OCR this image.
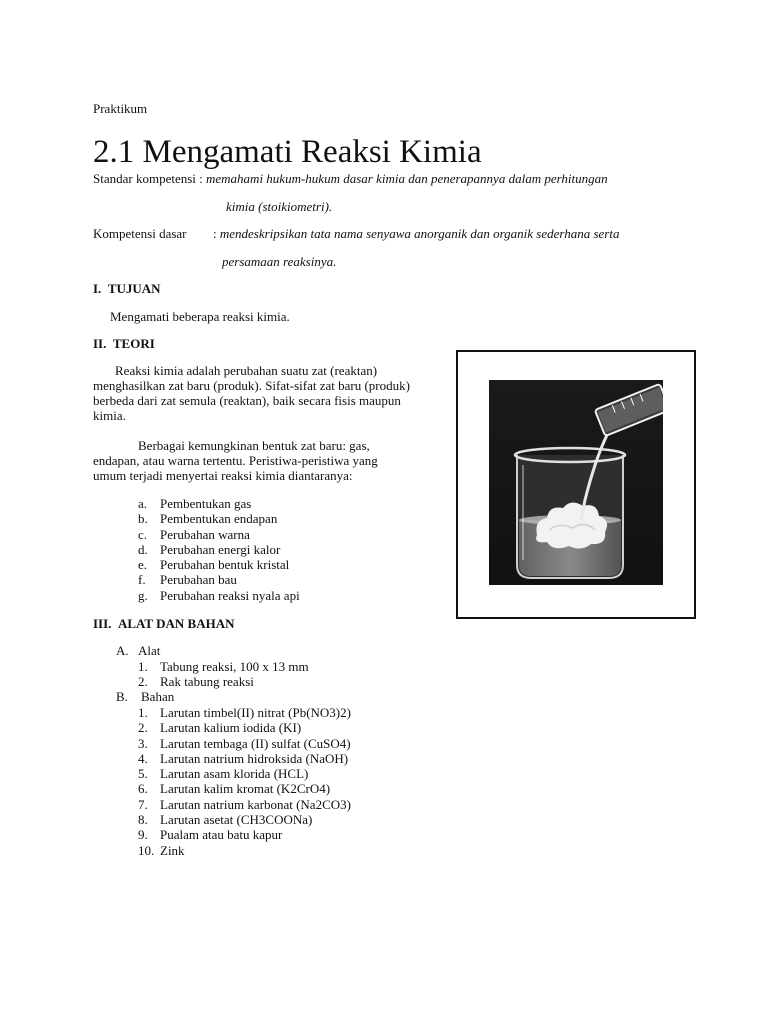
Praktikum
2.1 Mengamati Reaksi Kimia
Standar kompetensi : memahami hukum-hukum dasar kimia dan penerapannya dalam perhitungan
kimia (stoikiometri).
Kompetensi dasar : mendeskripsikan tata nama senyawa anorganik dan organik sederhana serta
persamaan reaksinya.
I. TUJUAN
Mengamati beberapa reaksi kimia.
II. TEORI
Reaksi kimia adalah perubahan suatu zat (reaktan)
menghasilkan zat baru (produk). Sifat-sifat zat baru (produk)
berbeda dari zat semula (reaktan), baik secara fisis maupun
kimia.
Berbagai kemungkinan bentuk zat baru: gas,
endapan, atau warna tertentu. Peristiwa-peristiwa yang
umum terjadi menyertai reaksi kimia diantaranya:
a. Pembentukan gas
b. Pembentukan endapan
c. Perubahan warna
d. Perubahan energi kalor
e. Perubahan bentuk kristal
f. Perubahan bau
g. Perubahan reaksi nyala api
III. ALAT DAN BAHAN
A. Alat
1. Tabung reaksi, 100 x 13 mm
2. Rak tabung reaksi
B. Bahan
1. Larutan timbel(II) nitrat (Pb(NO3)2)
2. Larutan kalium iodida (KI)
3. Larutan tembaga (II) sulfat (CuSO4)
4. Larutan natrium hidroksida (NaOH)
5. Larutan asam klorida (HCL)
6. Larutan kalim kromat (K2CrO4)
7. Larutan natrium karbonat (Na2CO3)
8. Larutan asetat (CH3COONa)
9. Pualam atau batu kapur
10. Zink
